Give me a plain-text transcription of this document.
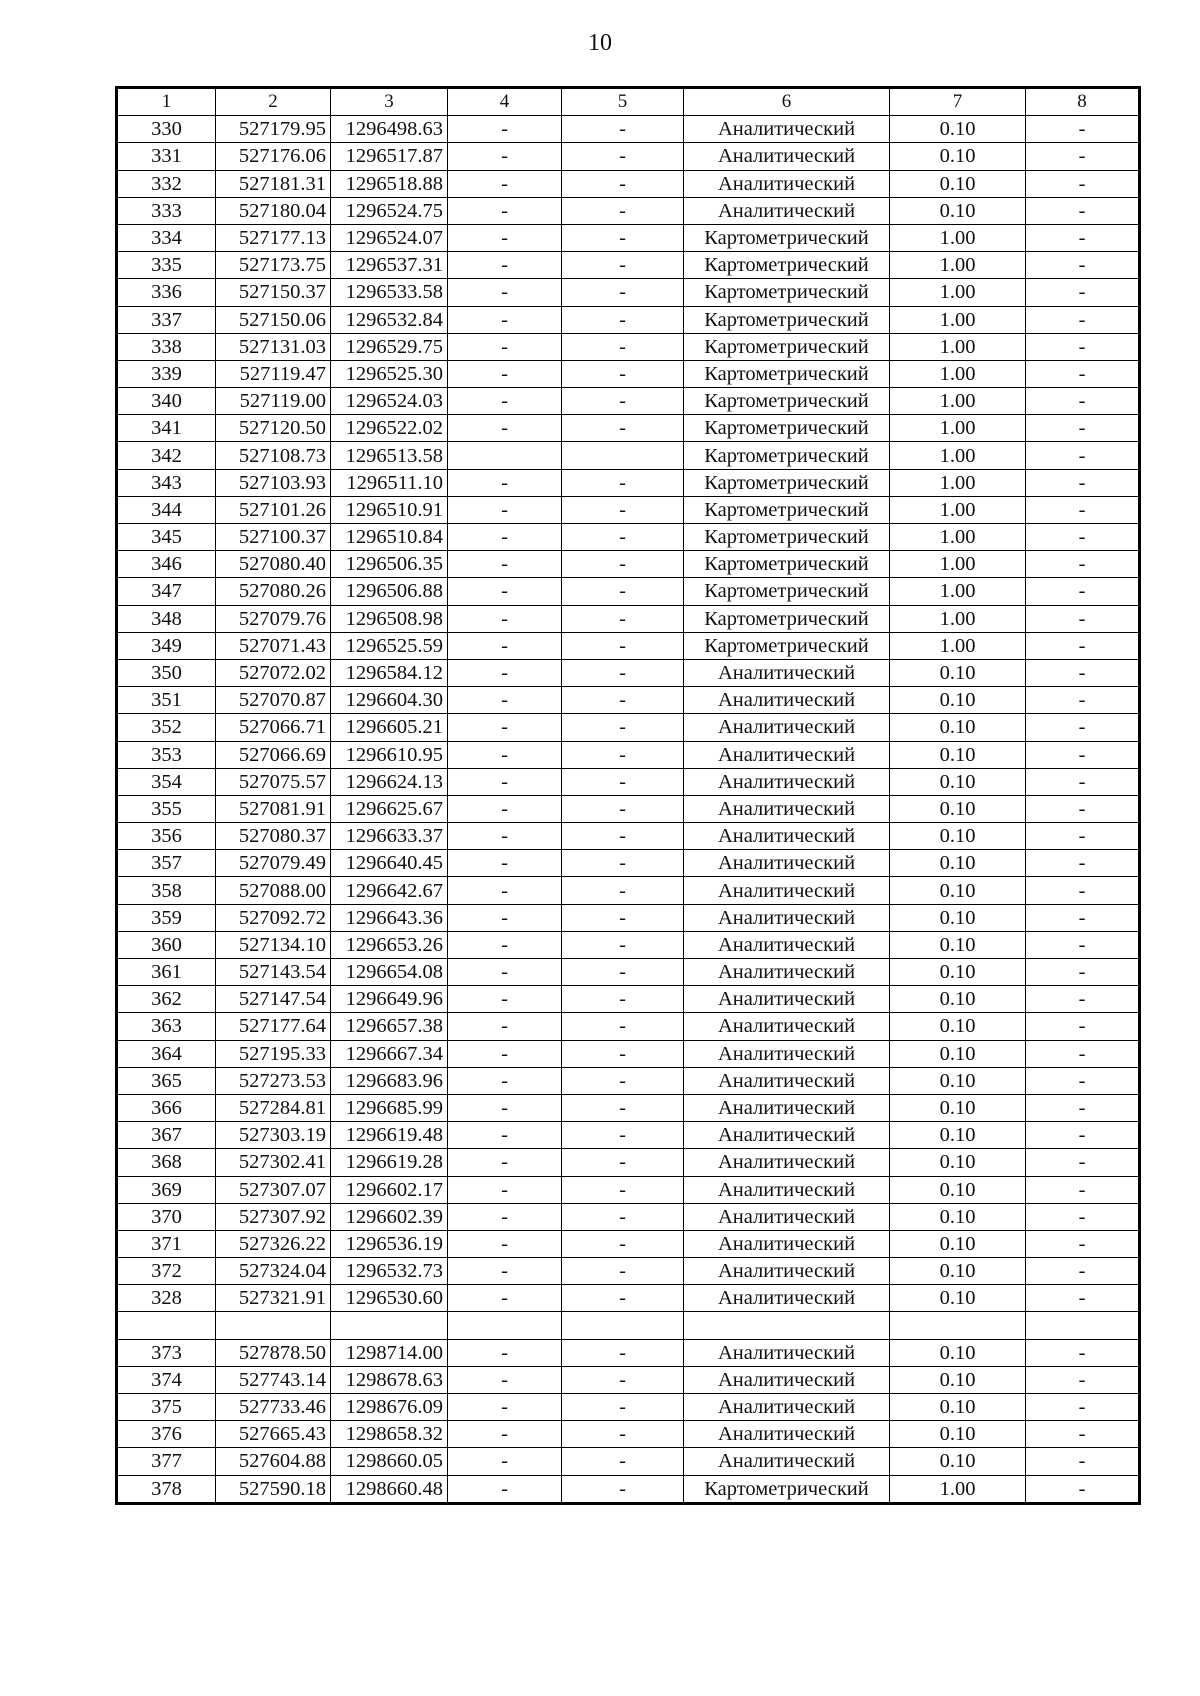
10
1	2	3	4	5	6	7	8
330	527179.95	1296498.63	-	-	Аналитический	0.10	-
331	527176.06	1296517.87	-	-	Аналитический	0.10	-
332	527181.31	1296518.88	-	-	Аналитический	0.10	-
333	527180.04	1296524.75	-	-	Аналитический	0.10	-
334	527177.13	1296524.07	-	-	Картометрический	1.00	-
335	527173.75	1296537.31	-	-	Картометрический	1.00	-
336	527150.37	1296533.58	-	-	Картометрический	1.00	-
337	527150.06	1296532.84	-	-	Картометрический	1.00	-
338	527131.03	1296529.75	-	-	Картометрический	1.00	-
339	527119.47	1296525.30	-	-	Картометрический	1.00	-
340	527119.00	1296524.03	-	-	Картометрический	1.00	-
341	527120.50	1296522.02	-	-	Картометрический	1.00	-
342	527108.73	1296513.58			Картометрический	1.00	-
343	527103.93	1296511.10	-	-	Картометрический	1.00	-
344	527101.26	1296510.91	-	-	Картометрический	1.00	-
345	527100.37	1296510.84	-	-	Картометрический	1.00	-
346	527080.40	1296506.35	-	-	Картометрический	1.00	-
347	527080.26	1296506.88	-	-	Картометрический	1.00	-
348	527079.76	1296508.98	-	-	Картометрический	1.00	-
349	527071.43	1296525.59	-	-	Картометрический	1.00	-
350	527072.02	1296584.12	-	-	Аналитический	0.10	-
351	527070.87	1296604.30	-	-	Аналитический	0.10	-
352	527066.71	1296605.21	-	-	Аналитический	0.10	-
353	527066.69	1296610.95	-	-	Аналитический	0.10	-
354	527075.57	1296624.13	-	-	Аналитический	0.10	-
355	527081.91	1296625.67	-	-	Аналитический	0.10	-
356	527080.37	1296633.37	-	-	Аналитический	0.10	-
357	527079.49	1296640.45	-	-	Аналитический	0.10	-
358	527088.00	1296642.67	-	-	Аналитический	0.10	-
359	527092.72	1296643.36	-	-	Аналитический	0.10	-
360	527134.10	1296653.26	-	-	Аналитический	0.10	-
361	527143.54	1296654.08	-	-	Аналитический	0.10	-
362	527147.54	1296649.96	-	-	Аналитический	0.10	-
363	527177.64	1296657.38	-	-	Аналитический	0.10	-
364	527195.33	1296667.34	-	-	Аналитический	0.10	-
365	527273.53	1296683.96	-	-	Аналитический	0.10	-
366	527284.81	1296685.99	-	-	Аналитический	0.10	-
367	527303.19	1296619.48	-	-	Аналитический	0.10	-
368	527302.41	1296619.28	-	-	Аналитический	0.10	-
369	527307.07	1296602.17	-	-	Аналитический	0.10	-
370	527307.92	1296602.39	-	-	Аналитический	0.10	-
371	527326.22	1296536.19	-	-	Аналитический	0.10	-
372	527324.04	1296532.73	-	-	Аналитический	0.10	-
328	527321.91	1296530.60	-	-	Аналитический	0.10	-

373	527878.50	1298714.00	-	-	Аналитический	0.10	-
374	527743.14	1298678.63	-	-	Аналитический	0.10	-
375	527733.46	1298676.09	-	-	Аналитический	0.10	-
376	527665.43	1298658.32	-	-	Аналитический	0.10	-
377	527604.88	1298660.05	-	-	Аналитический	0.10	-
378	527590.18	1298660.48	-	-	Картометрический	1.00	-
